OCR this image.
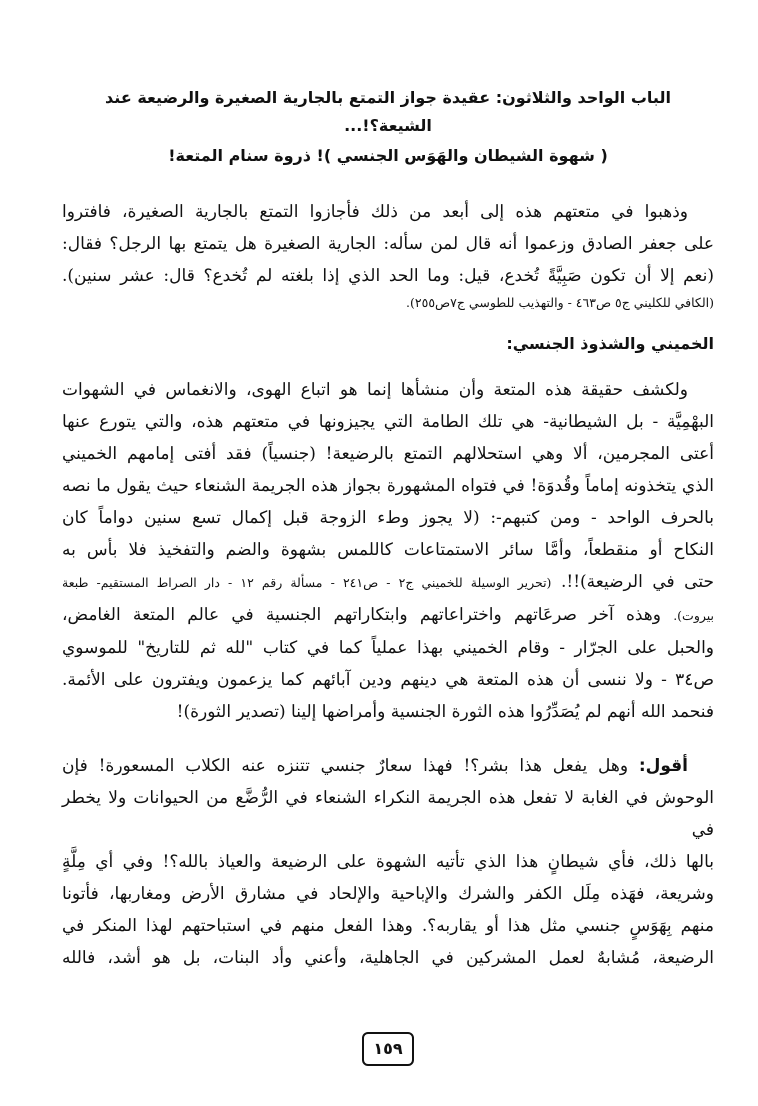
الباب الواحد والثلاثون: عقيدة جواز التمتع بالجارية الصغيرة والرضيعة عند الشيعة؟!...
( شهوة الشيطان والهَوَس الجنسي )! ذروة سنام المتعة!
وذهبوا في متعتهم هذه إلى أبعد من ذلك فأجازوا التمتع بالجارية الصغيرة، فافتروا
على جعفر الصادق وزعموا أنه قال لمن سأله: الجارية الصغيرة هل يتمتع بها الرجل؟ فقال:
(نعم إلا أن تكون صَبِيَّةً تُخدع، قيل: وما الحد الذي إذا بلغته لم تُخدع؟ قال: عشر سنين).
(الكافي للكليني ج٥ ص٤٦٣ - والتهذيب للطوسي ج٧ص٢٥٥).
الخميني والشذوذ الجنسي:
ولكشف حقيقة هذه المتعة وأن منشأها إنما هو اتباع الهوى، والانغماس في الشهوات
البهْمِيَّة - بل الشيطانية- هي تلك الطامة التي يجيزونها في متعتهم هذه، والتي يتورع عنها
أعتى المجرمين، ألا وهي استحلالهم التمتع بالرضيعة! (جنسياً) فقد أفتى إمامهم الخميني
الذي يتخذونه إماماً وقُدوَة! في فتواه المشهورة بجواز هذه الجريمة الشنعاء حيث يقول ما نصه
بالحرف الواحد - ومن كتبهم-: (لا يجوز وطء الزوجة قبل إكمال تسع سنين دواماً كان
النكاح أو منقطعاً، وأمَّا سائر الاستمتاعات كاللمس بشهوة والضم والتفخيذ فلا بأس به
حتى في الرضيعة)!!. (تحرير الوسيلة للخميني ج٢ - ص٢٤١ - مسألة رقم ١٢ - دار الصراط المستقيم- طبعة
بيروت). وهذه آخر صرعَاتهم واختراعاتهم وابتكاراتهم الجنسية في عالم المتعة الغامض،
والحبل على الجرّار - وقام الخميني بهذا عملياً كما في كتاب "لله ثم للتاريخ" للموسوي
ص٣٤ - ولا ننسى أن هذه المتعة هي دينهم ودين آبائهم كما يزعمون ويفترون على الأئمة.
فنحمد الله أنهم لم يُصَدِّرُوا هذه الثورة الجنسية وأمراضها إلينا (تصدير الثورة)!
أقول: وهل يفعل هذا بشر؟! فهذا سعارٌ جنسي تتنزه عنه الكلاب المسعورة! فإن
الوحوش في الغابة لا تفعل هذه الجريمة النكراء الشنعاء في الرُّضَّع من الحيوانات ولا يخطر في
بالها ذلك، فأي شيطانٍ هذا الذي تأتيه الشهوة على الرضيعة والعياذ بالله؟! وفي أي مِلَّةٍ
وشريعة، فهَذه مِلَل الكفر والشرك والإباحية والإلحاد في مشارق الأرض ومغاربها، فأتونا
منهم بِهَوَسٍ جنسي مثل هذا أو يقاربه؟. وهذا الفعل منهم في استباحتهم لهذا المنكر في
الرضيعة، مُشابهٌ لعمل المشركين في الجاهلية، وأعني وأد البنات، بل هو أشد، فالله
١٥٩
